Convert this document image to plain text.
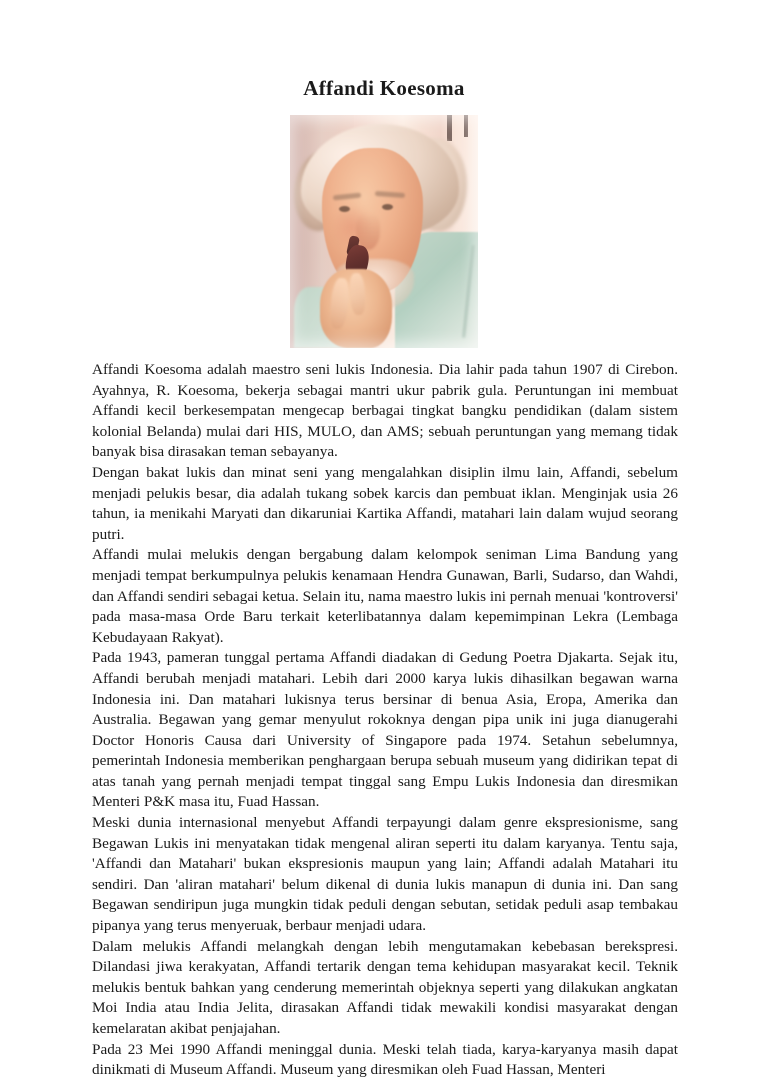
Affandi Koesoma

Affandi Koesoma adalah maestro seni lukis Indonesia. Dia lahir pada tahun 1907 di Cirebon. Ayahnya, R. Koesoma, bekerja sebagai mantri ukur pabrik gula. Peruntungan ini membuat Affandi kecil berkesempatan mengecap berbagai tingkat bangku pendidikan (dalam sistem kolonial Belanda) mulai dari HIS, MULO, dan AMS; sebuah peruntungan yang memang tidak banyak bisa dirasakan teman sebayanya.

Dengan bakat lukis dan minat seni yang mengalahkan disiplin ilmu lain, Affandi, sebelum menjadi pelukis besar, dia adalah tukang sobek karcis dan pembuat iklan. Menginjak usia 26 tahun, ia menikahi Maryati dan dikaruniai Kartika Affandi, matahari lain dalam wujud seorang putri.

Affandi mulai melukis dengan bergabung dalam kelompok seniman Lima Bandung yang menjadi tempat berkumpulnya pelukis kenamaan Hendra Gunawan, Barli, Sudarso, dan Wahdi, dan Affandi sendiri sebagai ketua. Selain itu, nama maestro lukis ini pernah menuai 'kontroversi' pada masa-masa Orde Baru terkait keterlibatannya dalam kepemimpinan Lekra (Lembaga Kebudayaan Rakyat).

Pada 1943, pameran tunggal pertama Affandi diadakan di Gedung Poetra Djakarta. Sejak itu, Affandi berubah menjadi matahari. Lebih dari 2000 karya lukis dihasilkan begawan warna Indonesia ini. Dan matahari lukisnya terus bersinar di benua Asia, Eropa, Amerika dan Australia. Begawan yang gemar menyulut rokoknya dengan pipa unik ini juga dianugerahi Doctor Honoris Causa dari University of Singapore pada 1974. Setahun sebelumnya, pemerintah Indonesia memberikan penghargaan berupa sebuah museum yang didirikan tepat di atas tanah yang pernah menjadi tempat tinggal sang Empu Lukis Indonesia dan diresmikan Menteri P&K masa itu, Fuad Hassan.

Meski dunia internasional menyebut Affandi terpayungi dalam genre ekspresionisme, sang Begawan Lukis ini menyatakan tidak mengenal aliran seperti itu dalam karyanya. Tentu saja, 'Affandi dan Matahari' bukan ekspresionis maupun yang lain; Affandi adalah Matahari itu sendiri. Dan 'aliran matahari' belum dikenal di dunia lukis manapun di dunia ini. Dan sang Begawan sendiripun juga mungkin tidak peduli dengan sebutan, setidak peduli asap tembakau pipanya yang terus menyeruak, berbaur menjadi udara.

Dalam melukis Affandi melangkah dengan lebih mengutamakan kebebasan berekspresi. Dilandasi jiwa kerakyatan, Affandi tertarik dengan tema kehidupan masyarakat kecil. Teknik melukis bentuk bahkan yang cenderung memerintah objeknya seperti yang dilakukan angkatan Moi India atau India Jelita, dirasakan Affandi tidak mewakili kondisi masyarakat dengan kemelaratan akibat penjajahan.

Pada 23 Mei 1990 Affandi meninggal dunia. Meski telah tiada, karya-karyanya masih dapat dinikmati di Museum Affandi. Museum yang diresmikan oleh Fuad Hassan, Menteri
